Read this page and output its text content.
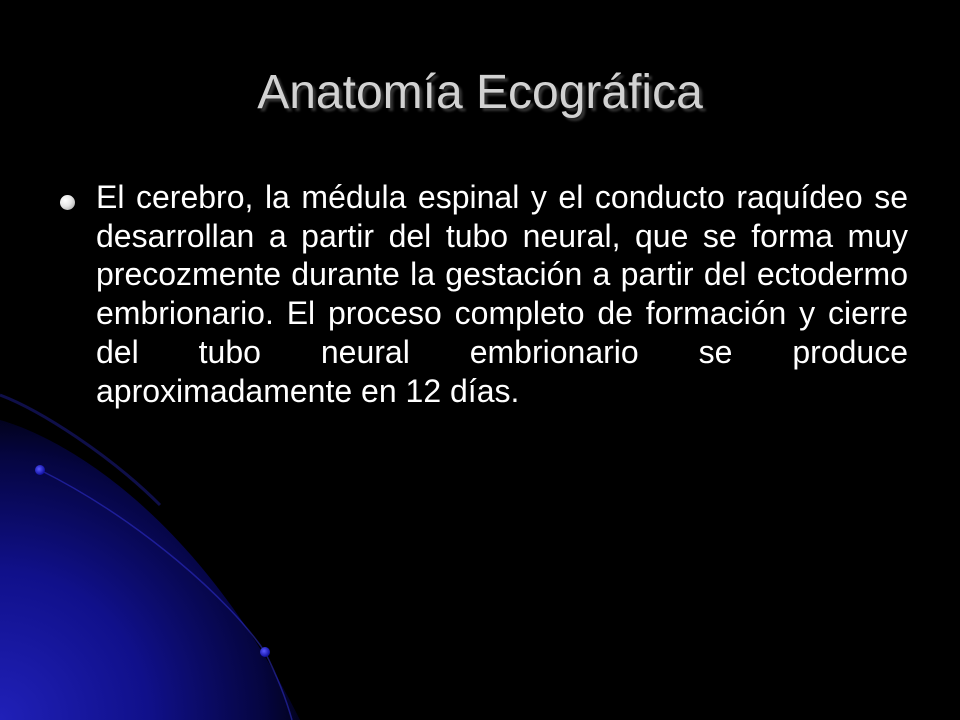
Anatomía Ecográfica
El cerebro, la médula espinal y el conducto raquídeo se desarrollan a partir del tubo neural, que se forma muy precozmente durante la gestación a partir del ectodermo embrionario. El proceso completo de formación y cierre del tubo neural embrionario se produce aproximadamente en 12 días.
